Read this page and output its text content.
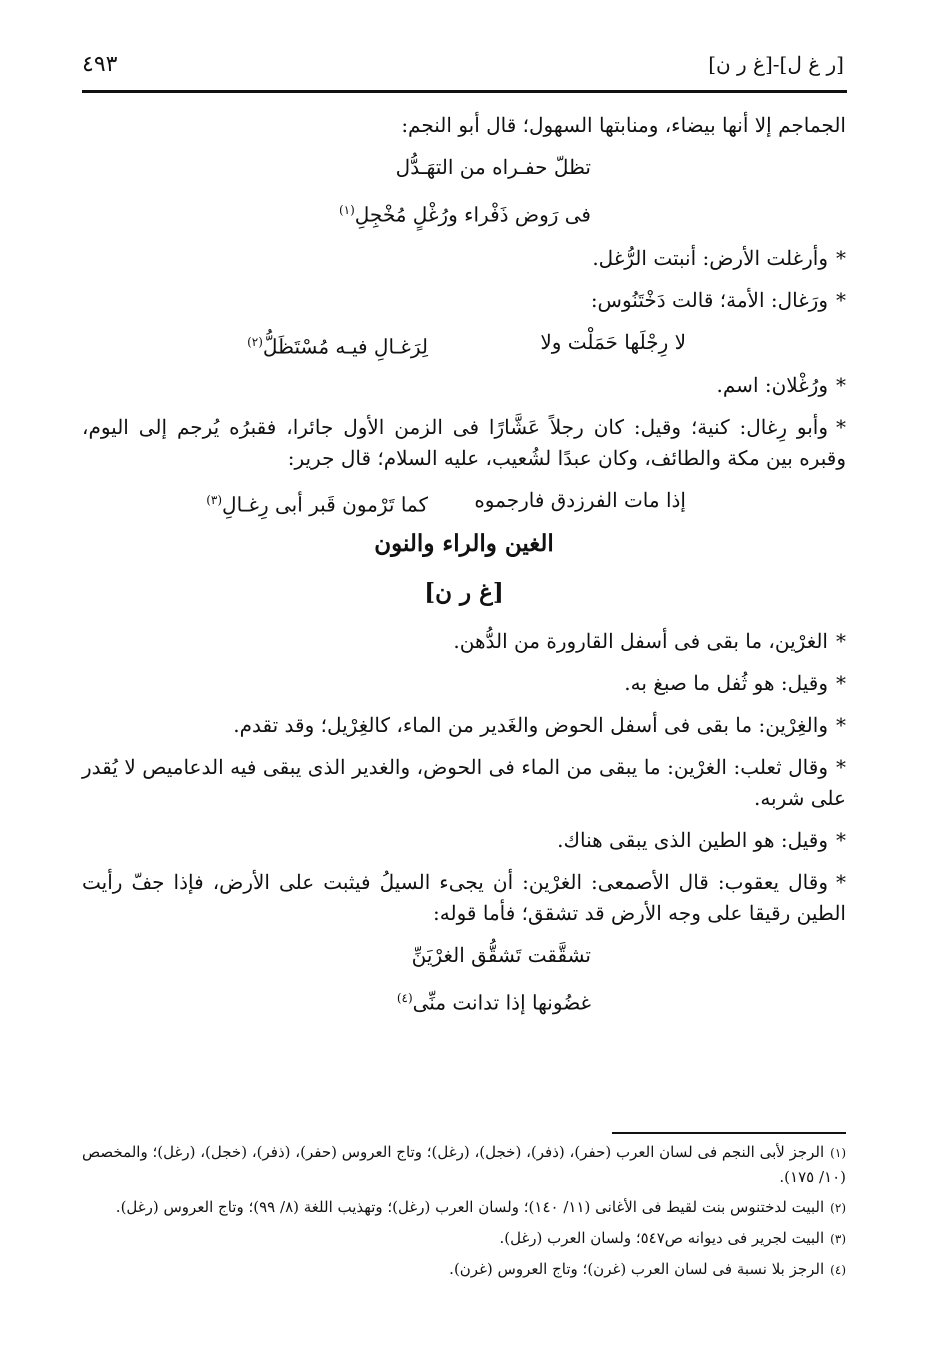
[ر غ ل]-[غ ر ن]
٤٩٣

الجماجم إلا أنها بيضاء، ومنابتها السهول؛ قال أبو النجم:

تظلّ حفـراه من التهَـدُّل

فى رَوض ذَفْراء ورُغْلٍ مُخْجِلِ$^{(١)}$

*وأرغلت الأرض: أنبتت الرُّغل.

*ورَغال: الأمة؛ قالت دَخْتَنُوس:

لا رِجْلَها حَمَلْت ولا
لِرَغـالِ فيـه مُسْتَظَلُّ$^{(٢)}$

*ورُغْلان: اسم.

*وأبو رِغال: كنية؛ وقيل: كان رجلاً عَشَّارًا فى الزمن الأول جائرا، فقبرُه يُرجم إلى اليوم، وقبره بين مكة والطائف، وكان عبدًا لشُعيب، عليه السلام؛ قال جرير:

إذا مات الفرزدق فارجموه
كما تَرْمون قَبر أبى رِغـالِ$^{(٣)}$
الغين والراء والنون
[غ ر ن]

*الغرْين، ما بقى فى أسفل القارورة من الدُّهن.

*وقيل: هو ثُفل ما صبغ به.

*والغِرْين: ما بقى فى أسفل الحوض والغَدير من الماء، كالغِرْيل؛ وقد تقدم.

*وقال ثعلب: الغرْين: ما يبقى من الماء فى الحوض، والغدير الذى يبقى فيه الدعاميص لا يُقدر على شربه.

*وقيل: هو الطين الذى يبقى هناك.

*وقال يعقوب: قال الأصمعى: الغرْين: أن يجىء السيلُ فيثبت على الأرض، فإذا جفّ رأيت الطين رقيقا على وجه الأرض قد تشقق؛ فأما قوله:

تشقَّقت تَشقُّق الغرْيَنِّ

غضُونها إذا تدانت منِّى$^{(٤)}$

(١)الرجز لأبى النجم فى لسان العرب (حفر)، (ذفر)، (خجل)، (رغل)؛ وتاج العروس (حفر)، (ذفر)، (خجل)، (رغل)؛ والمخصص (١٠/ ١٧٥).

(٢)البيت لدختنوس بنت لقيط فى الأغانى (١١/ ١٤٠)؛ ولسان العرب (رغل)؛ وتهذيب اللغة (٨/ ٩٩)؛ وتاج العروس (رغل).

(٣)البيت لجرير فى ديوانه ص٥٤٧؛ ولسان العرب (رغل).

(٤)الرجز بلا نسبة فى لسان العرب (غرن)؛ وتاج العروس (غرن).
